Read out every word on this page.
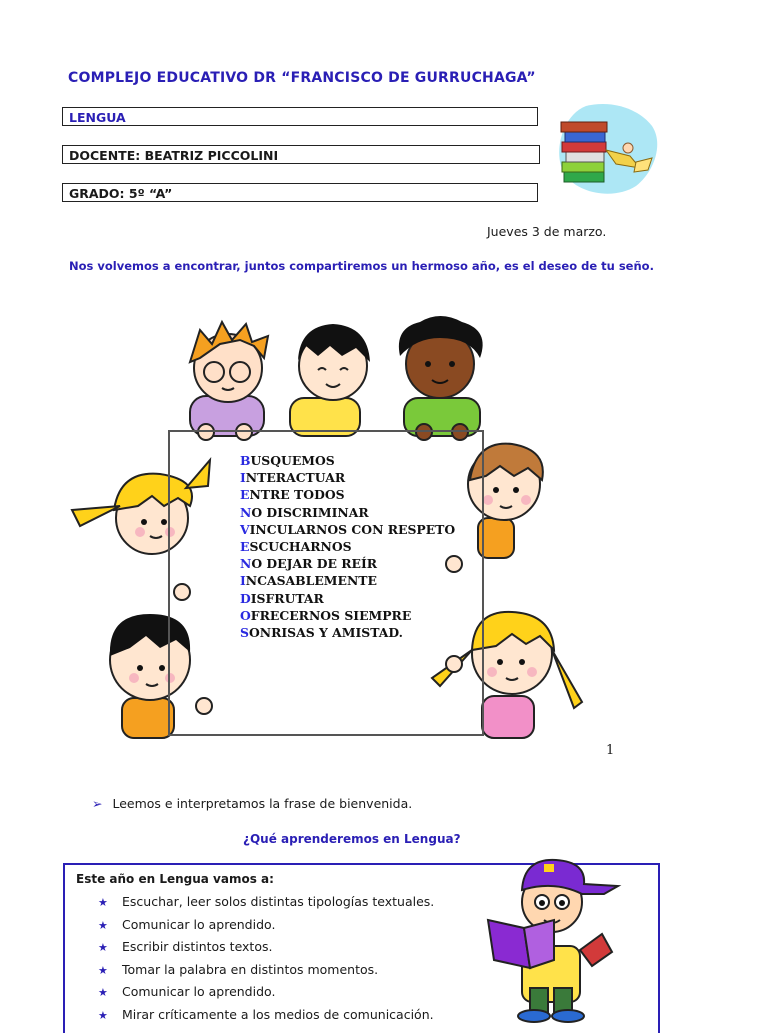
COMPLEJO EDUCATIVO DR “FRANCISCO DE GURRUCHAGA”
LENGUA
DOCENTE: BEATRIZ PICCOLINI
GRADO: 5º “A”
Jueves 3 de marzo.
Nos volvemos a encontrar, juntos compartiremos un hermoso año, es el deseo de tu seño.
BUSQUEMOS
INTERACTUAR
ENTRE TODOS
NO DISCRIMINAR
VINCULARNOS CON RESPETO
ESCUCHARNOS
NO DEJAR DE REÍR
INCASABLEMENTE
DISFRUTAR
OFRECERNOS SIEMPRE
SONRISAS Y AMISTAD.
1
➢ Leemos e interpretamos la frase de bienvenida.
¿Qué aprenderemos en Lengua?
Este año en Lengua vamos a:
★ Escuchar, leer solos distintas tipologías textuales.
★ Comunicar lo aprendido.
★ Escribir distintos textos.
★ Tomar la palabra en distintos momentos.
★ Comunicar lo aprendido.
★ Mirar críticamente a los medios de comunicación.
